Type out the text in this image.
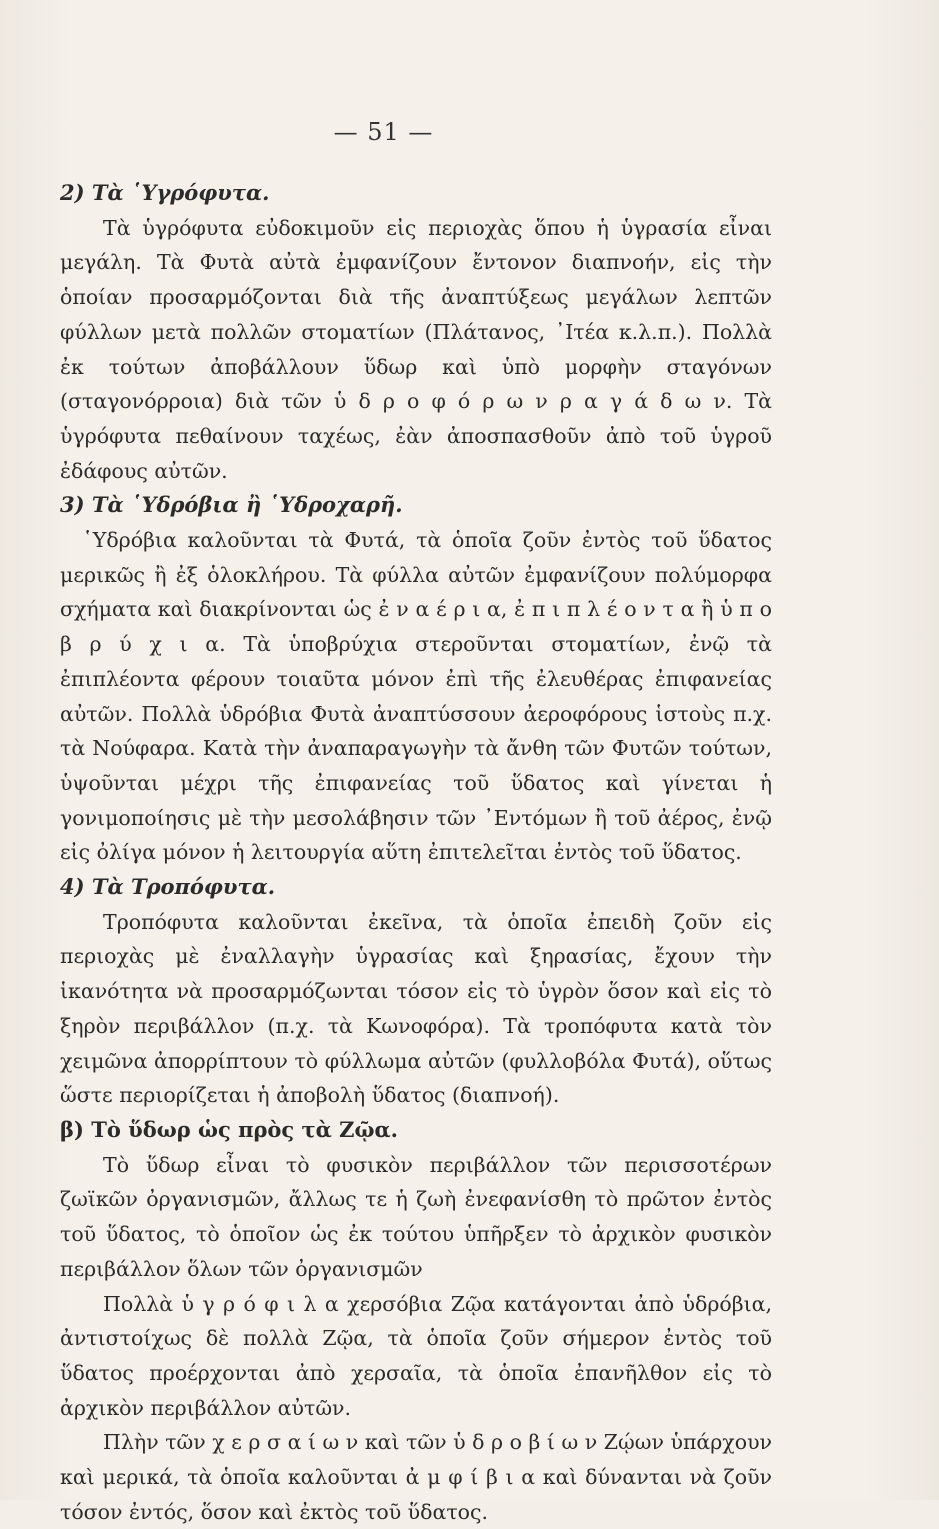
— 51 —

2) Τὰ ῾Υγρόφυτα.

Τὰ ὑγρόφυτα εὐδοκιμοῦν εἰς περιοχὰς ὅπου ἡ ὑγρασία εἶναι μεγάλη. Τὰ Φυτὰ αὐτὰ ἐμφανίζουν ἔντονον διαπνοήν, εἰς τὴν ὁποίαν προσαρμόζονται διὰ τῆς ἀναπτύξεως μεγάλων λεπτῶν φύλλων μετὰ πολλῶν στοματίων (Πλάτανος, ᾽Ιτέα κ.λ.π.). Πολλὰ ἐκ τούτων ἀποβάλλουν ὕδωρ καὶ ὑπὸ μορφὴν σταγόνων (σταγονόρροια) διὰ τῶν ὑ δ ρ ο φ ό ρ ω ν ρ α γ ά δ ω ν. Τὰ ὑγρόφυτα πεθαίνουν ταχέως, ἐὰν ἀποσπασθοῦν ἀπὸ τοῦ ὑγροῦ ἐδάφους αὐτῶν.

3) Τὰ ῾Υδρόβια ἢ ῾Υδροχαρῆ.

῾Υδρόβια καλοῦνται τὰ Φυτά, τὰ ὁποῖα ζοῦν ἐντὸς τοῦ ὕδατος μερικῶς ἢ ἐξ ὁλοκλήρου. Τὰ φύλλα αὐτῶν ἐμφανίζουν πολύμορφα σχήματα καὶ διακρίνονται ὡς ἐ ν α έ ρ ι α, ἐ π ι π λ έ ο ν τ α ἢ ὑ π ο β ρ ύ χ ι α. Τὰ ὑποβρύχια στεροῦνται στοματίων, ἐνῷ τὰ ἐπιπλέοντα φέρουν τοιαῦτα μόνον ἐπὶ τῆς ἐλευθέρας ἐπιφανείας αὐτῶν. Πολλὰ ὑδρόβια Φυτὰ ἀναπτύσσουν ἀεροφόρους ἱστοὺς π.χ. τὰ Νούφαρα. Κατὰ τὴν ἀναπαραγωγὴν τὰ ἄνθη τῶν Φυτῶν τούτων, ὑψοῦνται μέχρι τῆς ἐπιφανείας τοῦ ὕδατος καὶ γίνεται ἡ γονιμοποίησις μὲ τὴν μεσολάβησιν τῶν ᾽Εντόμων ἢ τοῦ ἀέρος, ἐνῷ εἰς ὀλίγα μόνον ἡ λειτουργία αὕτη ἐπιτελεῖται ἐντὸς τοῦ ὕδατος.

4) Τὰ Τροπόφυτα.

Τροπόφυτα καλοῦνται ἐκεῖνα, τὰ ὁποῖα ἐπειδὴ ζοῦν εἰς περιοχὰς μὲ ἐναλλαγὴν ὑγρασίας καὶ ξηρασίας, ἔχουν τὴν ἱκανότητα νὰ προσαρμόζωνται τόσον εἰς τὸ ὑγρὸν ὅσον καὶ εἰς τὸ ξηρὸν περιβάλλον (π.χ. τὰ Κωνοφόρα). Τὰ τροπόφυτα κατὰ τὸν χειμῶνα ἀπορρίπτουν τὸ φύλλωμα αὐτῶν (φυλλοβόλα Φυτά), οὕτως ὥστε περιορίζεται ἡ ἀποβολὴ ὕδατος (διαπνοή).

β) Τὸ ὕδωρ ὡς πρὸς τὰ Ζῷα.

Τὸ ὕδωρ εἶναι τὸ φυσικὸν περιβάλλον τῶν περισσοτέρων ζωϊκῶν ὀργανισμῶν, ἄλλως τε ἡ ζωὴ ἐνεφανίσθη τὸ πρῶτον ἐντὸς τοῦ ὕδατος, τὸ ὁποῖον ὡς ἐκ τούτου ὑπῆρξεν τὸ ἀρχικὸν φυσικὸν περιβάλλον ὅλων τῶν ὀργανισμῶν

Πολλὰ ὑ γ ρ ό φ ι λ α χερσόβια Ζῷα κατάγονται ἀπὸ ὑδρόβια, ἀντιστοίχως δὲ πολλὰ Ζῷα, τὰ ὁποῖα ζοῦν σήμερον ἐντὸς τοῦ ὕδατος προέρχονται ἀπὸ χερσαῖα, τὰ ὁποῖα ἐπανῆλθον εἰς τὸ ἀρχικὸν περιβάλλον αὐτῶν.

Πλὴν τῶν χ ε ρ σ α ί ω ν καὶ τῶν ὑ δ ρ ο β ί ω ν Ζῴων ὑπάρχουν καὶ μερικά, τὰ ὁποῖα καλοῦνται ἀ μ φ ί β ι α καὶ δύνανται νὰ ζοῦν τόσον ἐντός, ὅσον καὶ ἐκτὸς τοῦ ὕδατος.
